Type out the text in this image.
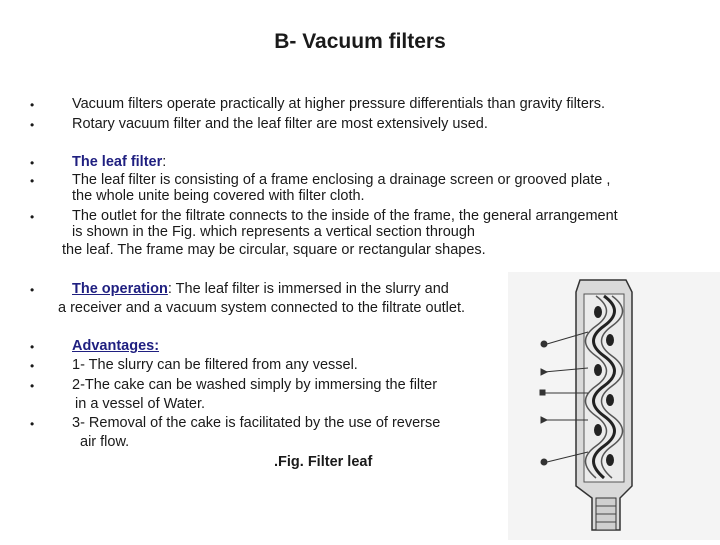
B- Vacuum filters
•	Vacuum filters operate practically at higher pressure differentials than gravity filters.
•	Rotary vacuum filter and the leaf filter are most extensively used.
•	The leaf filter:
•	The leaf filter is consisting of a frame enclosing a drainage screen or grooved plate ,
the whole unite being covered with filter cloth.
•	The outlet for the filtrate connects to the inside of the frame, the general arrangement
is shown in the Fig. which represents a vertical section through
the leaf. The frame may be circular, square or rectangular shapes.
•	The operation: The leaf filter is immersed in the slurry and
a receiver and a vacuum system connected to the filtrate outlet.
•	Advantages:
•	1- The slurry can be filtered from any vessel.
•	2-The cake can be washed simply by immersing the filter
in a vessel of Water.
•	3- Removal of the cake is facilitated by the use of reverse
air flow.
.Fig. Filter leaf
